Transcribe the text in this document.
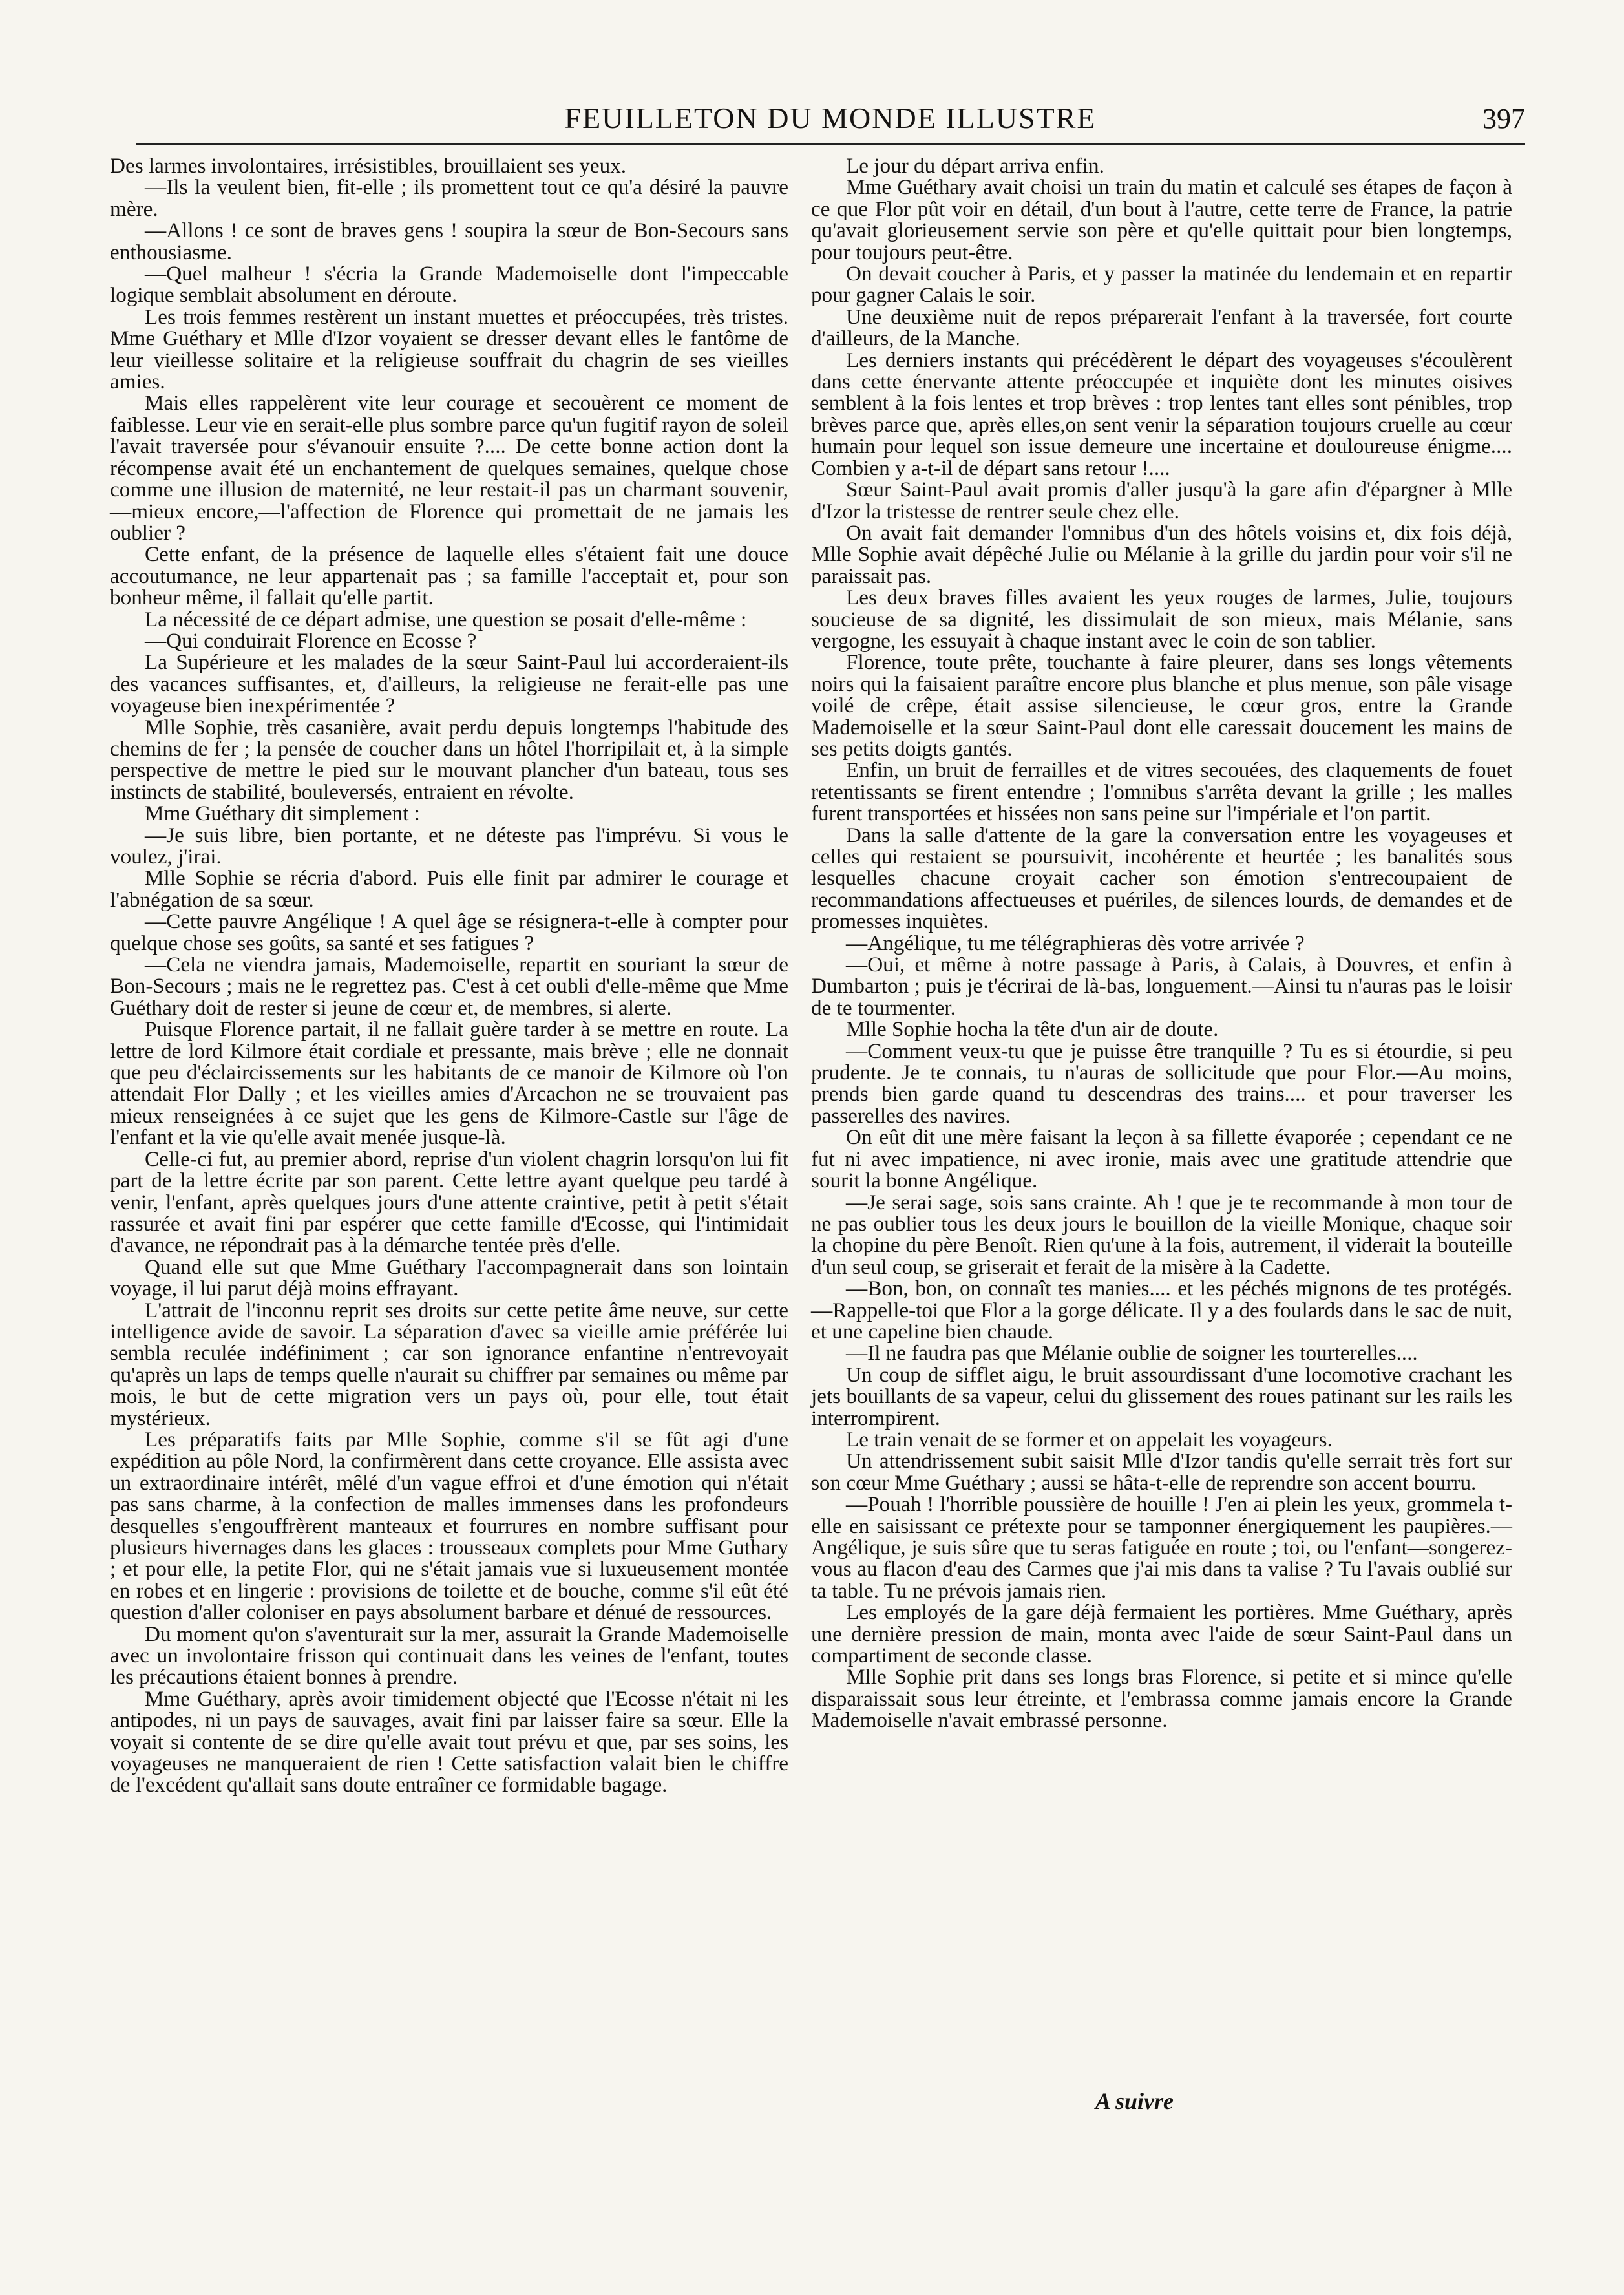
FEUILLETON DU MONDE ILLUSTRE	397

Des larmes involontaires, irrésistibles, brouillaient ses yeux.

—Ils la veulent bien, fit-elle ; ils promettent tout ce qu'a désiré la pauvre mère.

—Allons ! ce sont de braves gens ! soupira la sœur de Bon-Secours sans enthousiasme.

—Quel malheur ! s'écria la Grande Mademoiselle dont l'impeccable logique semblait absolument en déroute.

Les trois femmes restèrent un instant muettes et préoccupées, très tristes. Mme Guéthary et Mlle d'Izor voyaient se dresser devant elles le fantôme de leur vieillesse solitaire et la religieuse souffrait du chagrin de ses vieilles amies.

Mais elles rappelèrent vite leur courage et secouèrent ce moment de faiblesse. Leur vie en serait-elle plus sombre parce qu'un fugitif rayon de soleil l'avait traversée pour s'évanouir ensuite ?.... De cette bonne action dont la récompense avait été un enchantement de quelques semaines, quelque chose comme une illusion de maternité, ne leur restait-il pas un charmant souvenir,—mieux encore,—l'affection de Florence qui promettait de ne jamais les oublier ?

Cette enfant, de la présence de laquelle elles s'étaient fait une douce accoutumance, ne leur appartenait pas ; sa famille l'acceptait et, pour son bonheur même, il fallait qu'elle partit.

La nécessité de ce départ admise, une question se posait d'elle-même :

—Qui conduirait Florence en Ecosse ?

La Supérieure et les malades de la sœur Saint-Paul lui accorderaient-ils des vacances suffisantes, et, d'ailleurs, la religieuse ne ferait-elle pas une voyageuse bien inexpérimentée ?

Mlle Sophie, très casanière, avait perdu depuis longtemps l'habitude des chemins de fer ; la pensée de coucher dans un hôtel l'horripilait et, à la simple perspective de mettre le pied sur le mouvant plancher d'un bateau, tous ses instincts de stabilité, bouleversés, entraient en révolte.

Mme Guéthary dit simplement :

—Je suis libre, bien portante, et ne déteste pas l'imprévu. Si vous le voulez, j'irai.

Mlle Sophie se récria d'abord. Puis elle finit par admirer le courage et l'abnégation de sa sœur.

—Cette pauvre Angélique ! A quel âge se résignera-t-elle à compter pour quelque chose ses goûts, sa santé et ses fatigues ?

—Cela ne viendra jamais, Mademoiselle, repartit en souriant la sœur de Bon-Secours ; mais ne le regrettez pas. C'est à cet oubli d'elle-même que Mme Guéthary doit de rester si jeune de cœur et, de membres, si alerte.

Puisque Florence partait, il ne fallait guère tarder à se mettre en route. La lettre de lord Kilmore était cordiale et pressante, mais brève ; elle ne donnait que peu d'éclaircissements sur les habitants de ce manoir de Kilmore où l'on attendait Flor Dally ; et les vieilles amies d'Arcachon ne se trouvaient pas mieux renseignées à ce sujet que les gens de Kilmore-Castle sur l'âge de l'enfant et la vie qu'elle avait menée jusque-là.

Celle-ci fut, au premier abord, reprise d'un violent chagrin lorsqu'on lui fit part de la lettre écrite par son parent. Cette lettre ayant quelque peu tardé à venir, l'enfant, après quelques jours d'une attente craintive, petit à petit s'était rassurée et avait fini par espérer que cette famille d'Ecosse, qui l'intimidait d'avance, ne répondrait pas à la démarche tentée près d'elle.

Quand elle sut que Mme Guéthary l'accompagnerait dans son lointain voyage, il lui parut déjà moins effrayant.

L'attrait de l'inconnu reprit ses droits sur cette petite âme neuve, sur cette intelligence avide de savoir. La séparation d'avec sa vieille amie préférée lui sembla reculée indéfiniment ; car son ignorance enfantine n'entrevoyait qu'après un laps de temps quelle n'aurait su chiffrer par semaines ou même par mois, le but de cette migration vers un pays où, pour elle, tout était mystérieux.

Les préparatifs faits par Mlle Sophie, comme s'il se fût agi d'une expédition au pôle Nord, la confirmèrent dans cette croyance. Elle assista avec un extraordinaire intérêt, mêlé d'un vague effroi et d'une émotion qui n'était pas sans charme, à la confection de malles immenses dans les profondeurs desquelles s'engouffrèrent manteaux et fourrures en nombre suffisant pour plusieurs hivernages dans les glaces : trousseaux complets pour Mme Guthary ; et pour elle, la petite Flor, qui ne s'était jamais vue si luxueusement montée en robes et en lingerie : provisions de toilette et de bouche, comme s'il eût été question d'aller coloniser en pays absolument barbare et dénué de ressources.

Du moment qu'on s'aventurait sur la mer, assurait la Grande Mademoiselle avec un involontaire frisson qui continuait dans les veines de l'enfant, toutes les précautions étaient bonnes à prendre.

Mme Guéthary, après avoir timidement objecté que l'Ecosse n'était ni les antipodes, ni un pays de sauvages, avait fini par laisser faire sa sœur. Elle la voyait si contente de se dire qu'elle avait tout prévu et que, par ses soins, les voyageuses ne manqueraient de rien ! Cette satisfaction valait bien le chiffre de l'excédent qu'allait sans doute entraîner ce formidable bagage.

Le jour du départ arriva enfin.

Mme Guéthary avait choisi un train du matin et calculé ses étapes de façon à ce que Flor pût voir en détail, d'un bout à l'autre, cette terre de France, la patrie qu'avait glorieusement servie son père et qu'elle quittait pour bien longtemps, pour toujours peut-être.

On devait coucher à Paris, et y passer la matinée du lendemain et en repartir pour gagner Calais le soir.

Une deuxième nuit de repos préparerait l'enfant à la traversée, fort courte d'ailleurs, de la Manche.

Les derniers instants qui précédèrent le départ des voyageuses s'écoulèrent dans cette énervante attente préoccupée et inquiète dont les minutes oisives semblent à la fois lentes et trop brèves : trop lentes tant elles sont pénibles, trop brèves parce que, après elles,on sent venir la séparation toujours cruelle au cœur humain pour lequel son issue demeure une incertaine et douloureuse énigme.... Combien y a-t-il de départ sans retour !....

Sœur Saint-Paul avait promis d'aller jusqu'à la gare afin d'épargner à Mlle d'Izor la tristesse de rentrer seule chez elle.

On avait fait demander l'omnibus d'un des hôtels voisins et, dix fois déjà, Mlle Sophie avait dépêché Julie ou Mélanie à la grille du jardin pour voir s'il ne paraissait pas.

Les deux braves filles avaient les yeux rouges de larmes, Julie, toujours soucieuse de sa dignité, les dissimulait de son mieux, mais Mélanie, sans vergogne, les essuyait à chaque instant avec le coin de son tablier.

Florence, toute prête, touchante à faire pleurer, dans ses longs vêtements noirs qui la faisaient paraître encore plus blanche et plus menue, son pâle visage voilé de crêpe, était assise silencieuse, le cœur gros, entre la Grande Mademoiselle et la sœur Saint-Paul dont elle caressait doucement les mains de ses petits doigts gantés.

Enfin, un bruit de ferrailles et de vitres secouées, des claquements de fouet retentissants se firent entendre ; l'omnibus s'arrêta devant la grille ; les malles furent transportées et hissées non sans peine sur l'impériale et l'on partit.

Dans la salle d'attente de la gare la conversation entre les voyageuses et celles qui restaient se poursuivit, incohérente et heurtée ; les banalités sous lesquelles chacune croyait cacher son émotion s'entrecoupaient de recommandations affectueuses et puériles, de silences lourds, de demandes et de promesses inquiètes.

—Angélique, tu me télégraphieras dès votre arrivée ?

—Oui, et même à notre passage à Paris, à Calais, à Douvres, et enfin à Dumbarton ; puis je t'écrirai de là-bas, longuement.—Ainsi tu n'auras pas le loisir de te tourmenter.

Mlle Sophie hocha la tête d'un air de doute.

—Comment veux-tu que je puisse être tranquille ? Tu es si étourdie, si peu prudente. Je te connais, tu n'auras de sollicitude que pour Flor.—Au moins, prends bien garde quand tu descendras des trains.... et pour traverser les passerelles des navires.

On eût dit une mère faisant la leçon à sa fillette évaporée ; cependant ce ne fut ni avec impatience, ni avec ironie, mais avec une gratitude attendrie que sourit la bonne Angélique.

—Je serai sage, sois sans crainte. Ah ! que je te recommande à mon tour de ne pas oublier tous les deux jours le bouillon de la vieille Monique, chaque soir la chopine du père Benoît. Rien qu'une à la fois, autrement, il viderait la bouteille d'un seul coup, se griserait et ferait de la misère à la Cadette.

—Bon, bon, on connaît tes manies.... et les péchés mignons de tes protégés.—Rappelle-toi que Flor a la gorge délicate. Il y a des foulards dans le sac de nuit, et une capeline bien chaude.

—Il ne faudra pas que Mélanie oublie de soigner les tourterelles....

Un coup de sifflet aigu, le bruit assourdissant d'une locomotive crachant les jets bouillants de sa vapeur, celui du glissement des roues patinant sur les rails les interrompirent.

Le train venait de se former et on appelait les voyageurs.

Un attendrissement subit saisit Mlle d'Izor tandis qu'elle serrait très fort sur son cœur Mme Guéthary ; aussi se hâta-t-elle de reprendre son accent bourru.

—Pouah ! l'horrible poussière de houille ! J'en ai plein les yeux, grommela t-elle en saisissant ce prétexte pour se tamponner énergiquement les paupières.—Angélique, je suis sûre que tu seras fatiguée en route ; toi, ou l'enfant—songerez-vous au flacon d'eau des Carmes que j'ai mis dans ta valise ? Tu l'avais oublié sur ta table. Tu ne prévois jamais rien.

Les employés de la gare déjà fermaient les portières. Mme Guéthary, après une dernière pression de main, monta avec l'aide de sœur Saint-Paul dans un compartiment de seconde classe.

Mlle Sophie prit dans ses longs bras Florence, si petite et si mince qu'elle disparaissait sous leur étreinte, et l'embrassa comme jamais encore la Grande Mademoiselle n'avait embrassé personne.

A suivre
